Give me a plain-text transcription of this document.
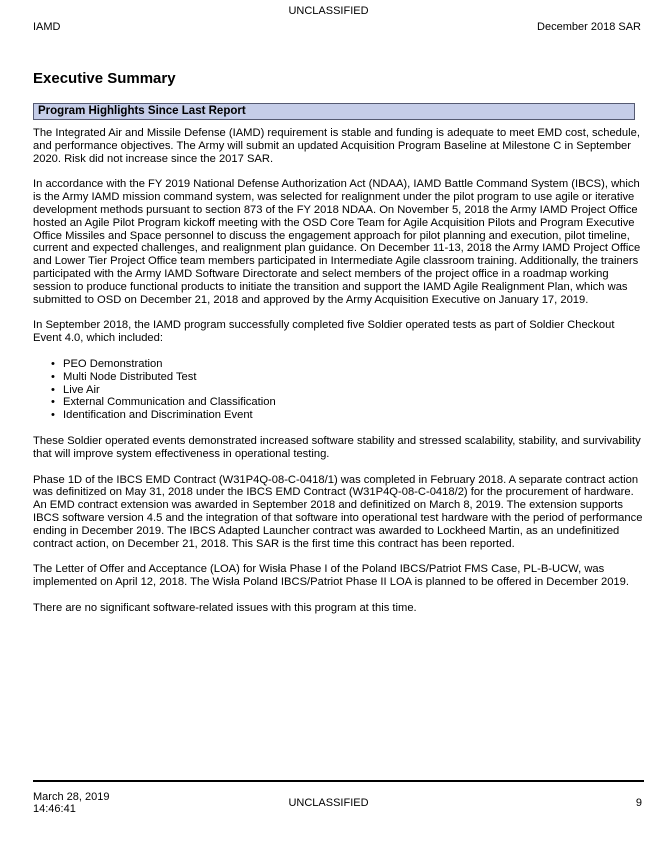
UNCLASSIFIED
IAMD	December 2018 SAR
Executive Summary
Program Highlights Since Last Report

The Integrated Air and Missile Defense (IAMD) requirement is stable and funding is adequate to meet EMD cost, schedule, and performance objectives. The Army will submit an updated Acquisition Program Baseline at Milestone C in September 2020. Risk did not increase since the 2017 SAR.

In accordance with the FY 2019 National Defense Authorization Act (NDAA), IAMD Battle Command System (IBCS), which is the Army IAMD mission command system, was selected for realignment under the pilot program to use agile or iterative development methods pursuant to section 873 of the FY 2018 NDAA. On November 5, 2018 the Army IAMD Project Office hosted an Agile Pilot Program kickoff meeting with the OSD Core Team for Agile Acquisition Pilots and Program Executive Office Missiles and Space personnel to discuss the engagement approach for pilot planning and execution, pilot timeline, current and expected challenges, and realignment plan guidance. On December 11-13, 2018 the Army IAMD Project Office and Lower Tier Project Office team members participated in Intermediate Agile classroom training. Additionally, the trainers participated with the Army IAMD Software Directorate and select members of the project office in a roadmap working session to produce functional products to initiate the transition and support the IAMD Agile Realignment Plan, which was submitted to OSD on December 21, 2018 and approved by the Army Acquisition Executive on January 17, 2019.

In September 2018, the IAMD program successfully completed five Soldier operated tests as part of Soldier Checkout Event 4.0, which included:

• PEO Demonstration
• Multi Node Distributed Test
• Live Air
• External Communication and Classification
• Identification and Discrimination Event

These Soldier operated events demonstrated increased software stability and stressed scalability, stability, and survivability that will improve system effectiveness in operational testing.

Phase 1D of the IBCS EMD Contract (W31P4Q-08-C-0418/1) was completed in February 2018. A separate contract action was definitized on May 31, 2018 under the IBCS EMD Contract (W31P4Q-08-C-0418/2) for the procurement of hardware. An EMD contract extension was awarded in September 2018 and definitized on March 8, 2019. The extension supports IBCS software version 4.5 and the integration of that software into operational test hardware with the period of performance ending in December 2019. The IBCS Adapted Launcher contract was awarded to Lockheed Martin, as an undefinitized contract action, on December 21, 2018. This SAR is the first time this contract has been reported.

The Letter of Offer and Acceptance (LOA) for Wisła Phase I of the Poland IBCS/Patriot FMS Case, PL-B-UCW, was implemented on April 12, 2018. The Wisła Poland IBCS/Patriot Phase II LOA is planned to be offered in December 2019.

There are no significant software-related issues with this program at this time.

March 28, 2019
14:46:41	UNCLASSIFIED	9
